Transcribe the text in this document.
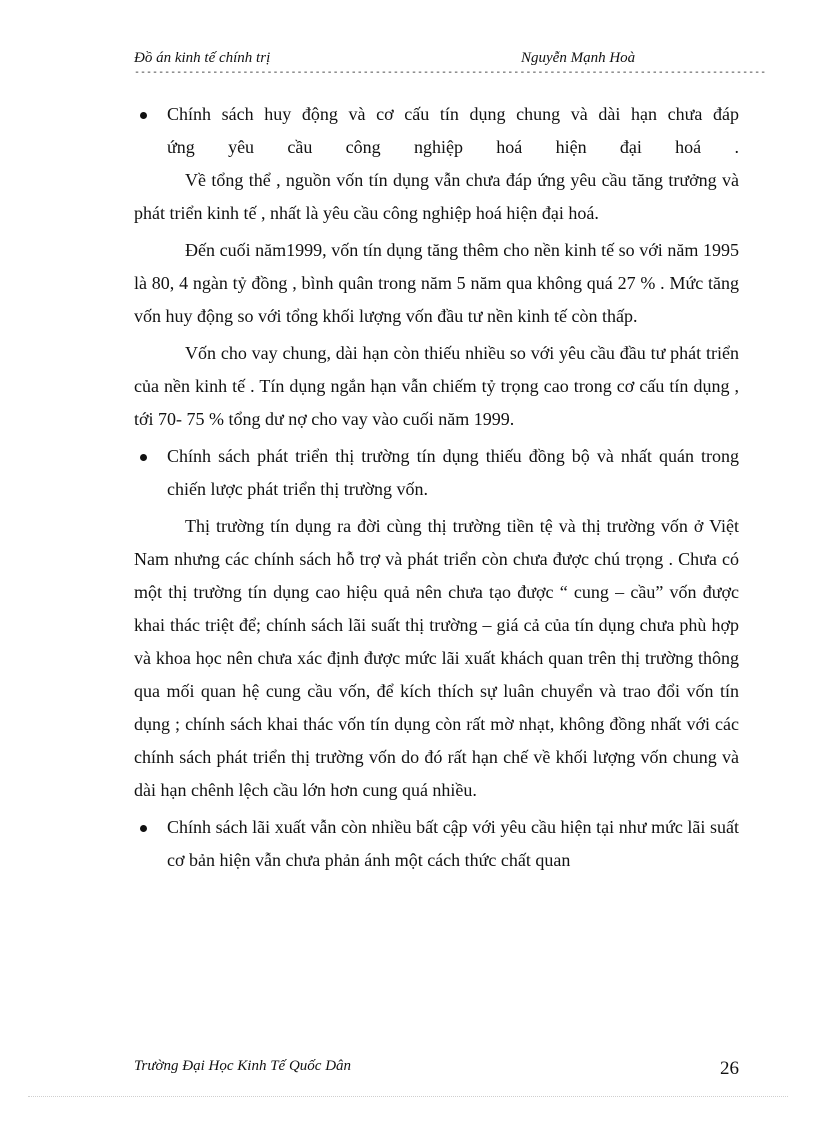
Đồ án kinh tế chính trị	Nguyễn Mạnh Hoà
---------------------------------------------------------------------------------------------------------

Chính sách huy động và cơ cấu tín dụng chung và dài hạn chưa đáp

ứng yêu cầu công nghiệp hoá hiện đại hoá .

Về tổng thể , nguồn vốn tín dụng vẫn chưa đáp ứng yêu cầu tăng trưởng và phát triển kinh tế , nhất là yêu cầu công nghiệp hoá hiện đại hoá.

Đến cuối năm1999, vốn tín dụng tăng thêm cho nền kinh tế so với năm 1995 là 80, 4 ngàn tỷ đồng , bình quân trong năm 5 năm qua không quá 27 % . Mức tăng vốn huy động so với tổng khối lượng vốn đầu tư nền kinh tế còn thấp.

Vốn cho vay chung, dài hạn còn thiếu nhiều so với yêu cầu đầu tư phát triển của nền kinh tế . Tín dụng ngắn hạn vẫn chiếm tỷ trọng cao trong cơ cấu tín dụng , tới 70- 75 % tổng dư nợ cho vay vào cuối năm 1999.

Chính sách phát triển thị trường tín dụng thiếu đồng bộ và nhất quán trong chiến lược phát triển thị trường vốn.

Thị trường tín dụng ra đời cùng thị trường tiền tệ và thị trường vốn ở Việt Nam nhưng các chính sách hỗ trợ và phát triển còn chưa được chú trọng . Chưa có một thị trường tín dụng cao hiệu quả nên chưa tạo được “ cung – cầu” vốn được khai thác triệt để; chính sách lãi suất thị trường – giá cả của tín dụng chưa phù hợp và khoa học nên chưa xác định được mức lãi xuất khách quan trên thị trường thông qua mối quan hệ cung cầu vốn, để kích thích sự luân chuyển và trao đổi vốn tín dụng ; chính sách khai thác vốn tín dụng còn rất mờ nhạt, không đồng nhất với các chính sách phát triển thị trường vốn do đó rất hạn chế về khối lượng vốn chung và dài hạn chênh lệch cầu lớn hơn cung quá nhiều.

Chính sách lãi xuất vẫn còn nhiều bất cập với yêu cầu hiện tại như mức lãi suất cơ bản hiện vẫn chưa phản ánh một cách thức chất quan

Trường Đại Học Kinh Tế Quốc Dân	26
